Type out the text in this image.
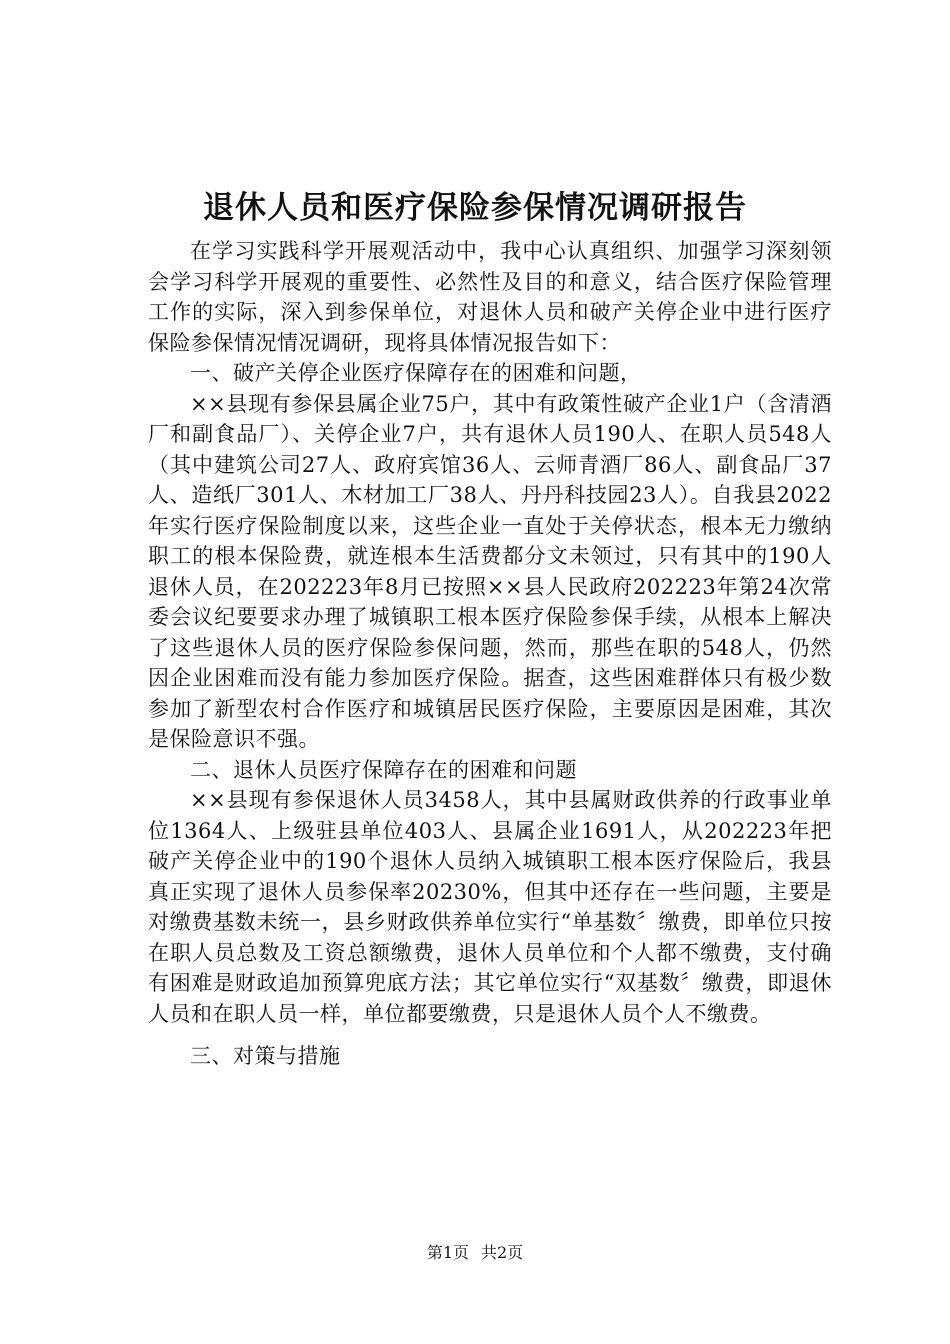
退休人员和医疗保险参保情况调研报告

在学习实践科学开展观活动中，我中心认真组织、加强学习深刻领会学习科学开展观的重要性、必然性及目的和意义，结合医疗保险管理工作的实际，深入到参保单位，对退休人员和破产关停企业中进行医疗保险参保情况情况调研，现将具体情况报告如下：

一、破产关停企业医疗保障存在的困难和问题，

××县现有参保县属企业75户，其中有政策性破产企业1户（含清酒厂和副食品厂）、关停企业7户，共有退休人员190人、在职人员548人（其中建筑公司27人、政府宾馆36人、云师青酒厂86人、副食品厂37人、造纸厂301人、木材加工厂38人、丹丹科技园23人）。自我县2022年实行医疗保险制度以来，这些企业一直处于关停状态，根本无力缴纳职工的根本保险费，就连根本生活费都分文未领过，只有其中的190人退休人员，在202223年8月已按照××县人民政府202223年第24次常委会议纪要要求办理了城镇职工根本医疗保险参保手续，从根本上解决了这些退休人员的医疗保险参保问题，然而，那些在职的548人，仍然因企业困难而没有能力参加医疗保险。据查，这些困难群体只有极少数参加了新型农村合作医疗和城镇居民医疗保险，主要原因是困难，其次是保险意识不强。

二、退休人员医疗保障存在的困难和问题

××县现有参保退休人员3458人，其中县属财政供养的行政事业单位1364人、上级驻县单位403人、县属企业1691人，从202223年把破产关停企业中的190个退休人员纳入城镇职工根本医疗保险后，我县真正实现了退休人员参保率20230%，但其中还存在一些问题，主要是对缴费基数未统一，县乡财政供养单位实行“单基数〞缴费，即单位只按在职人员总数及工资总额缴费，退休人员单位和个人都不缴费，支付确有困难是财政追加预算兜底方法；其它单位实行“双基数〞缴费，即退休人员和在职人员一样，单位都要缴费，只是退休人员个人不缴费。

三、对策与措施

第1页 共2页
